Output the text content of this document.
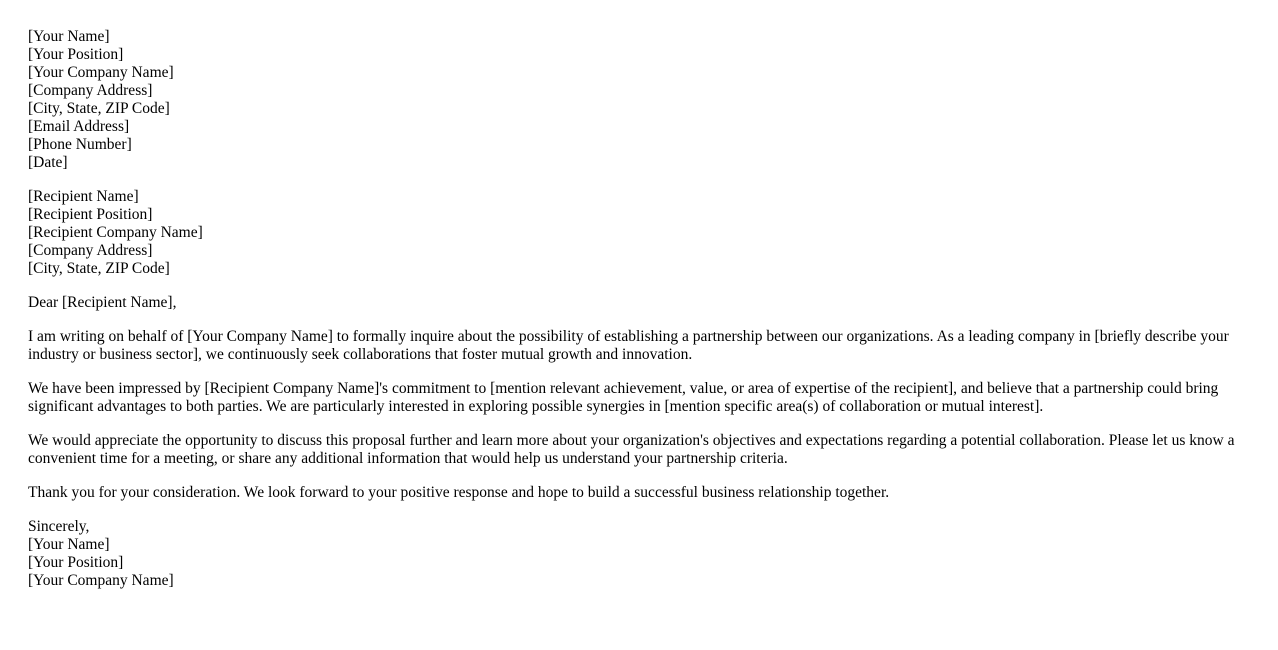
[Your Name]
[Your Position]
[Your Company Name]
[Company Address]
[City, State, ZIP Code]
[Email Address]
[Phone Number]
[Date]
[Recipient Name]
[Recipient Position]
[Recipient Company Name]
[Company Address]
[City, State, ZIP Code]

Dear [Recipient Name],

I am writing on behalf of [Your Company Name] to formally inquire about the possibility of establishing a partnership between our organizations. As a leading company in [briefly describe your industry or business sector], we continuously seek collaborations that foster mutual growth and innovation.

We have been impressed by [Recipient Company Name]'s commitment to [mention relevant achievement, value, or area of expertise of the recipient], and believe that a partnership could bring significant advantages to both parties. We are particularly interested in exploring possible synergies in [mention specific area(s) of collaboration or mutual interest].

We would appreciate the opportunity to discuss this proposal further and learn more about your organization's objectives and expectations regarding a potential collaboration. Please let us know a convenient time for a meeting, or share any additional information that would help us understand your partnership criteria.

Thank you for your consideration. We look forward to your positive response and hope to build a successful business relationship together.

Sincerely,
[Your Name]
[Your Position]
[Your Company Name]
